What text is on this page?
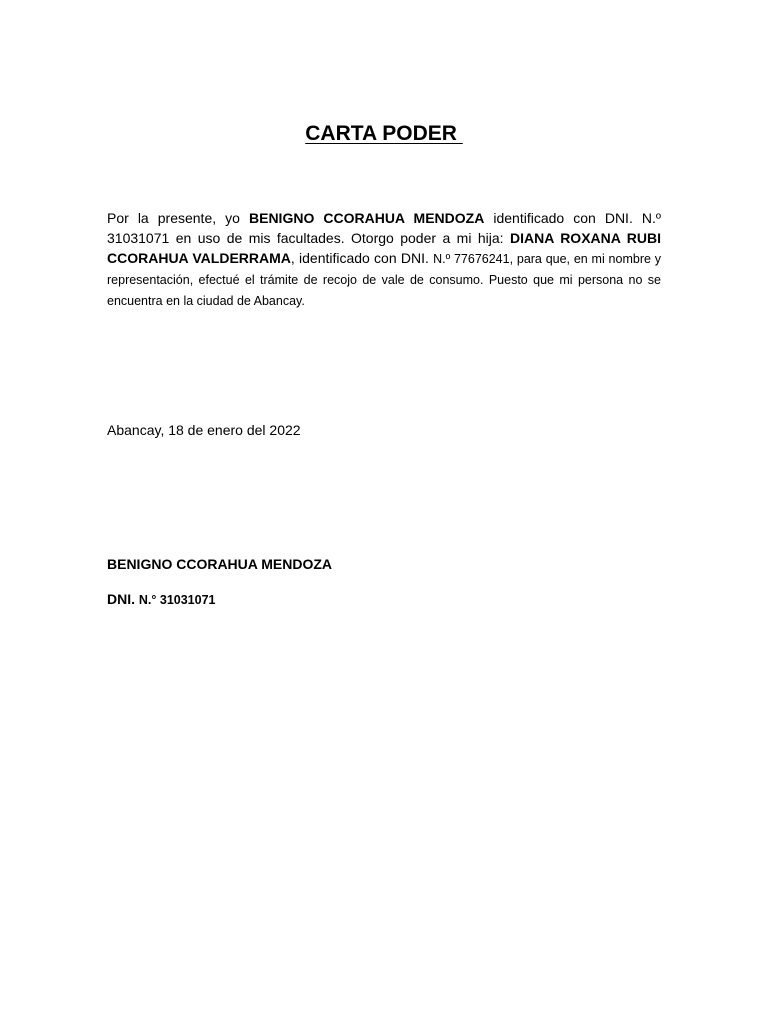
CARTA PODER

Por la presente, yo BENIGNO CCORAHUA MENDOZA identificado con DNI. N.º 31031071 en uso de mis facultades. Otorgo poder a mi hija: DIANA ROXANA RUBI CCORAHUA VALDERRAMA, identificado con DNI. N.º 77676241, para que, en mi nombre y representación, efectué el trámite de recojo de vale de consumo. Puesto que mi persona no se encuentra en la ciudad de Abancay.

Abancay, 18 de enero del 2022

BENIGNO CCORAHUA MENDOZA

DNI. N.° 31031071
